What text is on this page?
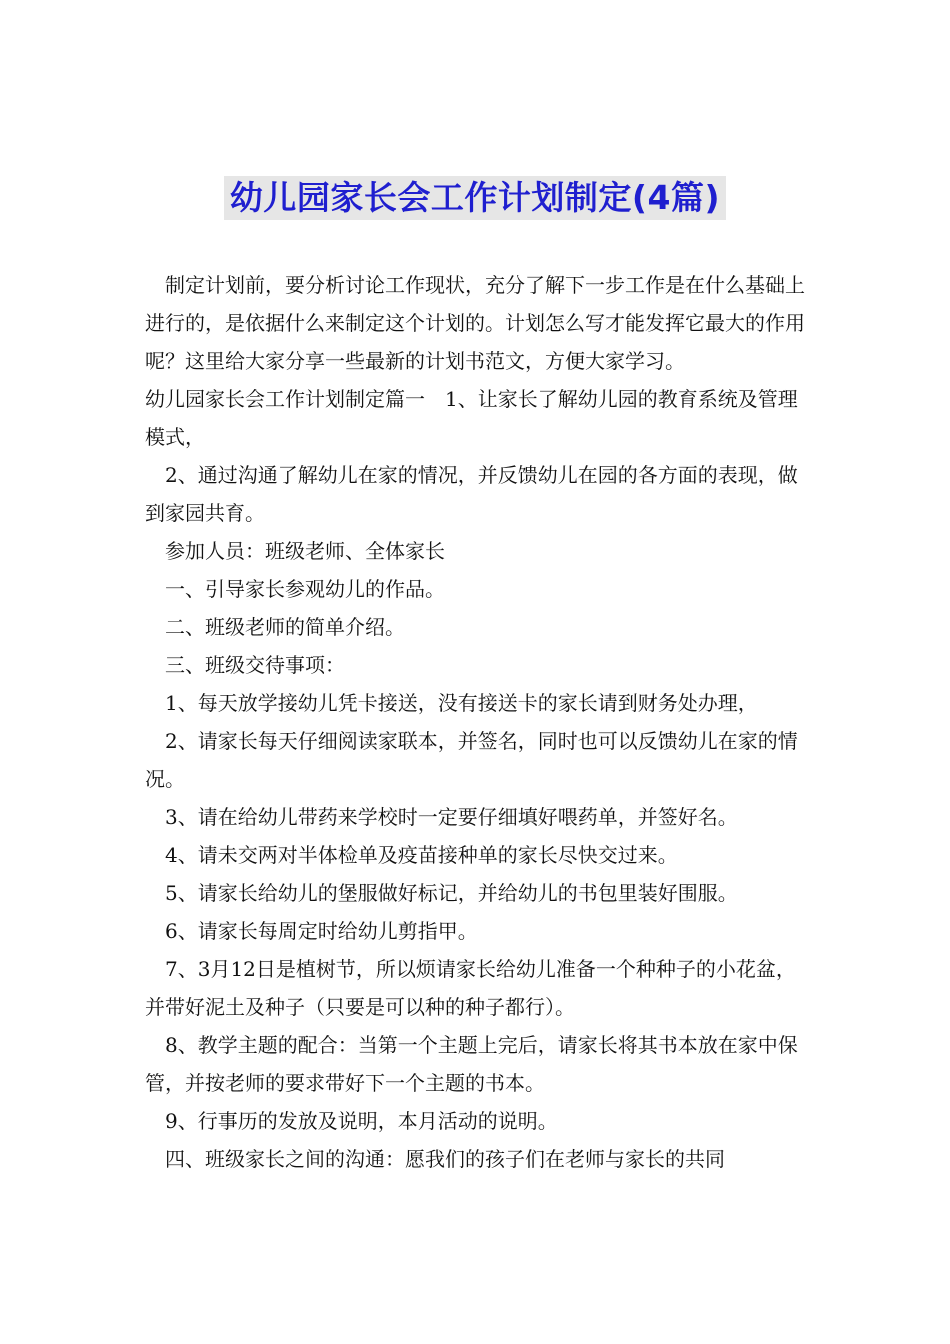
幼儿园家长会工作计划制定(4篇)

制定计划前，要分析讨论工作现状，充分了解下一步工作是在什么基础上进行的，是依据什么来制定这个计划的。计划怎么写才能发挥它最大的作用呢？这里给大家分享一些最新的计划书范文，方便大家学习。

幼儿园家长会工作计划制定篇一　1、让家长了解幼儿园的教育系统及管理模式，

2、通过沟通了解幼儿在家的情况，并反馈幼儿在园的各方面的表现，做到家园共育。

参加人员：班级老师、全体家长

一、引导家长参观幼儿的作品。

二、班级老师的简单介绍。

三、班级交待事项：

1、每天放学接幼儿凭卡接送，没有接送卡的家长请到财务处办理，

2、请家长每天仔细阅读家联本，并签名，同时也可以反馈幼儿在家的情况。

3、请在给幼儿带药来学校时一定要仔细填好喂药单，并签好名。

4、请未交两对半体检单及疫苗接种单的家长尽快交过来。

5、请家长给幼儿的堡服做好标记，并给幼儿的书包里装好围服。

6、请家长每周定时给幼儿剪指甲。

7、3月12日是植树节，所以烦请家长给幼儿准备一个种种子的小花盆，并带好泥土及种子（只要是可以种的种子都行）。

8、教学主题的配合：当第一个主题上完后，请家长将其书本放在家中保管，并按老师的要求带好下一个主题的书本。

9、行事历的发放及说明，本月活动的说明。

四、班级家长之间的沟通：愿我们的孩子们在老师与家长的共同
